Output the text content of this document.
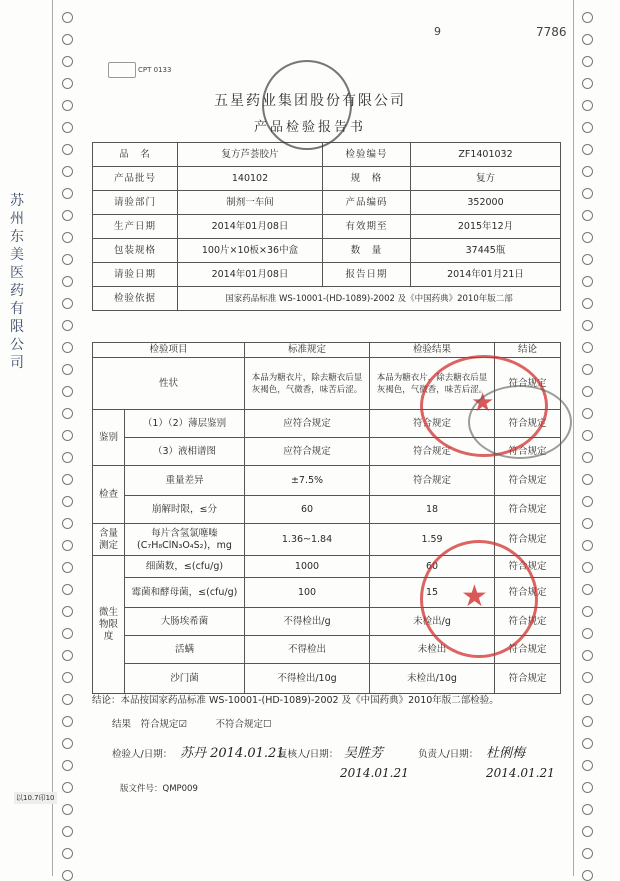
9	7786
CPT 0133
苏州东美医药有限公司
五星药业集团股份有限公司
产品检验报告书
品　名	复方芦荟胶片	检验编号	ZF1401032
产品批号	140102	规　格	复方
请验部门	制剂一车间	产品编码	352000
生产日期	2014年01月08日	有效期至	2015年12月
包装规格	100片×10板×36中盒	数　量	37445瓶
请验日期	2014年01月08日	报告日期	2014年01月21日
检验依据	国家药品标准 WS-10001-(HD-1089)-2002 及《中国药典》2010年版二部		
检验项目		标准规定	检验结果	结论
性状		本品为糖衣片，除去糖衣后显灰褐色，气微香，味苦后涩。	本品为糖衣片，除去糖衣后显灰褐色，气微香，味苦后涩。	符合规定
鉴别	（1）（2）薄层鉴别	应符合规定	符合规定	符合规定
	（3）液相谱图	应符合规定	符合规定	符合规定
检查	重量差异	±7.5%	符合规定	符合规定
	崩解时限，≤分	60	18	符合规定
含量测定	每片含氢氯噻嗪
(C₇H₈ClN₃O₄S₂)，mg	1.36~1.84	1.59	符合规定
微生物限度	细菌数，≤(cfu/g)	1000	60	符合规定
	霉菌和酵母菌，≤(cfu/g)	100	15	符合规定
	大肠埃希菌	不得检出/g	未检出/g	符合规定
	活螨	不得检出	未检出	符合规定
	沙门菌	不得检出/10g	未检出/10g	符合规定
结论：本品按国家药品标准 WS-10001-(HD-1089)-2002 及《中国药典》2010年版二部检验。
结果　符合规定☑　　　不符合规定☐
检验人/日期： 苏丹 2014.01.21
复核人/日期： 吴胜芳
2014.01.21
负责人/日期： 杜俐梅
2014.01.21
版文件号：QMP009
以10.7印10
★
★
